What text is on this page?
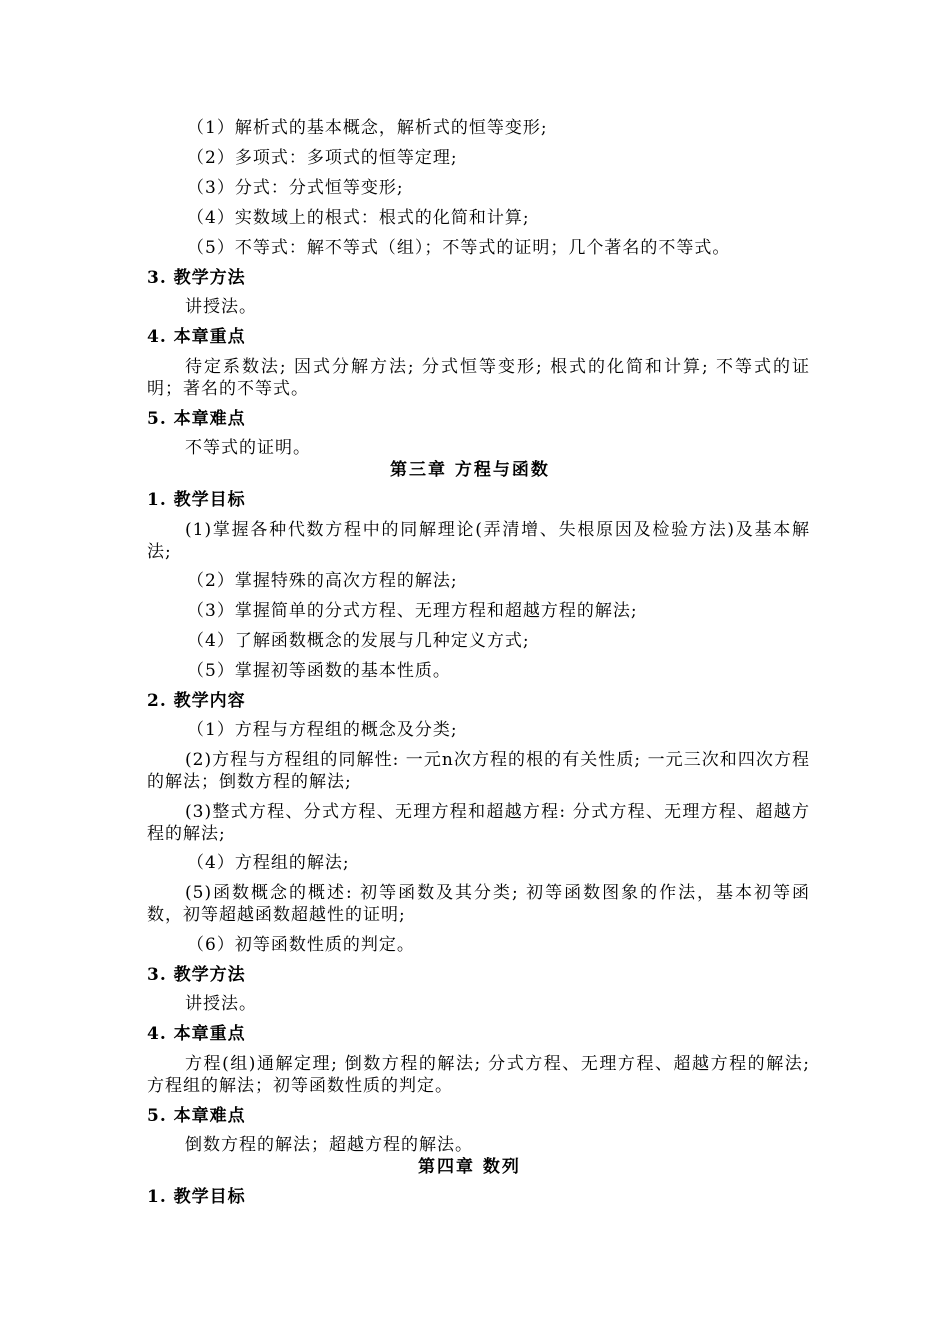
（1）解析式的基本概念，解析式的恒等变形;
（2）多项式：多项式的恒等定理;
（3）分式：分式恒等变形;
（4）实数域上的根式：根式的化简和计算;
（5）不等式：解不等式（组）；不等式的证明；几个著名的不等式。
3. 教学方法
讲授法。
4. 本章重点
待定系数法; 因式分解方法; 分式恒等变形; 根式的化简和计算; 不等式的证明；著名的不等式。
5. 本章难点
不等式的证明。
第三章 方程与函数
1. 教学目标
(1)掌握各种代数方程中的同解理论(弄清增、失根原因及检验方法)及基本解法;
（2）掌握特殊的高次方程的解法;
（3）掌握简单的分式方程、无理方程和超越方程的解法;
（4）了解函数概念的发展与几种定义方式;
（5）掌握初等函数的基本性质。
2. 教学内容
（1）方程与方程组的概念及分类;
(2)方程与方程组的同解性: 一元n次方程的根的有关性质; 一元三次和四次方程的解法；倒数方程的解法;
(3)整式方程、分式方程、无理方程和超越方程: 分式方程、无理方程、超越方程的解法;
（4）方程组的解法;
(5)函数概念的概述: 初等函数及其分类; 初等函数图象的作法，基本初等函数，初等超越函数超越性的证明;
（6）初等函数性质的判定。
3. 教学方法
讲授法。
4. 本章重点
方程(组)通解定理; 倒数方程的解法; 分式方程、无理方程、超越方程的解法; 方程组的解法；初等函数性质的判定。
5. 本章难点
倒数方程的解法；超越方程的解法。
第四章 数列
1. 教学目标
